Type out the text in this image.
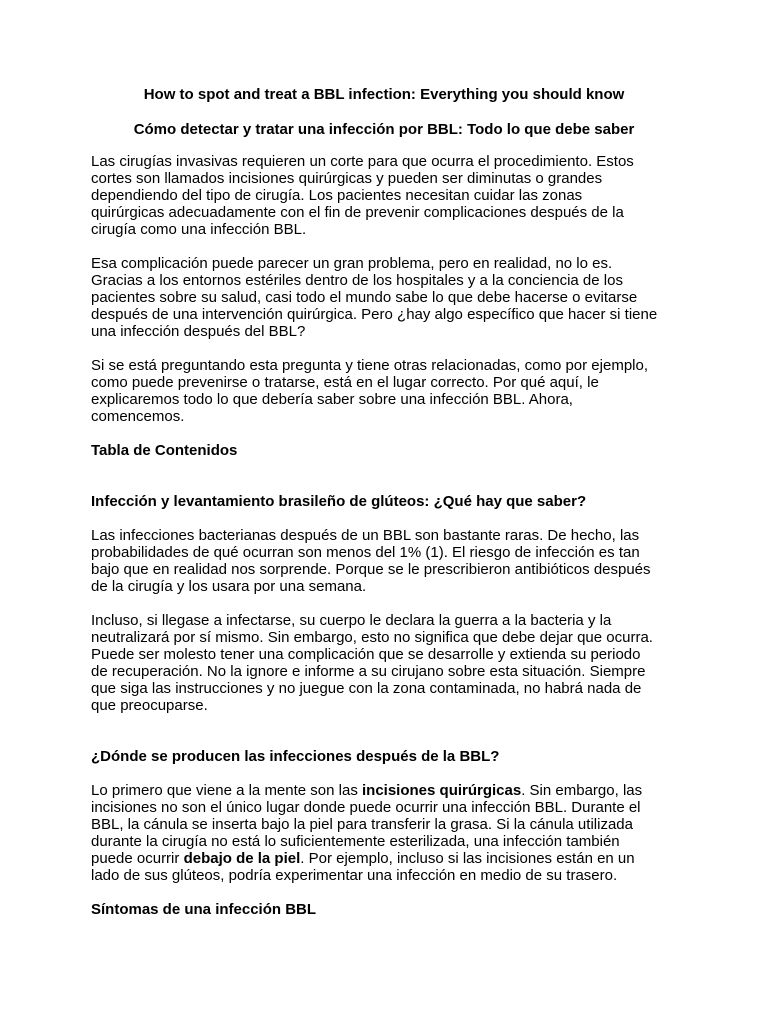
How to spot and treat a BBL infection: Everything you should know

Cómo detectar y tratar una infección por BBL: Todo lo que debe saber

Las cirugías invasivas requieren un corte para que ocurra el procedimiento. Estos
cortes son llamados incisiones quirúrgicas y pueden ser diminutas o grandes
dependiendo del tipo de cirugía. Los pacientes necesitan cuidar las zonas
quirúrgicas adecuadamente con el fin de prevenir complicaciones después de la
cirugía como una infección BBL.

Esa complicación puede parecer un gran problema, pero en realidad, no lo es.
Gracias a los entornos estériles dentro de los hospitales y a la conciencia de los
pacientes sobre su salud, casi todo el mundo sabe lo que debe hacerse o evitarse
después de una intervención quirúrgica. Pero ¿hay algo específico que hacer si tiene
una infección después del BBL?

Si se está preguntando esta pregunta y tiene otras relacionadas, como por ejemplo,
como puede prevenirse o tratarse, está en el lugar correcto. Por qué aquí, le
explicaremos todo lo que debería saber sobre una infección BBL. Ahora,
comencemos.

Tabla de Contenidos

Infección y levantamiento brasileño de glúteos: ¿Qué hay que saber?

Las infecciones bacterianas después de un BBL son bastante raras. De hecho, las
probabilidades de qué ocurran son menos del 1% (1). El riesgo de infección es tan
bajo que en realidad nos sorprende. Porque se le prescribieron antibióticos después
de la cirugía y los usara por una semana.

Incluso, si llegase a infectarse, su cuerpo le declara la guerra a la bacteria y la
neutralizará por sí mismo. Sin embargo, esto no significa que debe dejar que ocurra.
Puede ser molesto tener una complicación que se desarrolle y extienda su periodo
de recuperación. No la ignore e informe a su cirujano sobre esta situación. Siempre
que siga las instrucciones y no juegue con la zona contaminada, no habrá nada de
que preocuparse.

¿Dónde se producen las infecciones después de la BBL?

Lo primero que viene a la mente son las incisiones quirúrgicas. Sin embargo, las
incisiones no son el único lugar donde puede ocurrir una infección BBL. Durante el
BBL, la cánula se inserta bajo la piel para transferir la grasa. Si la cánula utilizada
durante la cirugía no está lo suficientemente esterilizada, una infección también
puede ocurrir debajo de la piel. Por ejemplo, incluso si las incisiones están en un
lado de sus glúteos, podría experimentar una infección en medio de su trasero.

Síntomas de una infección BBL
